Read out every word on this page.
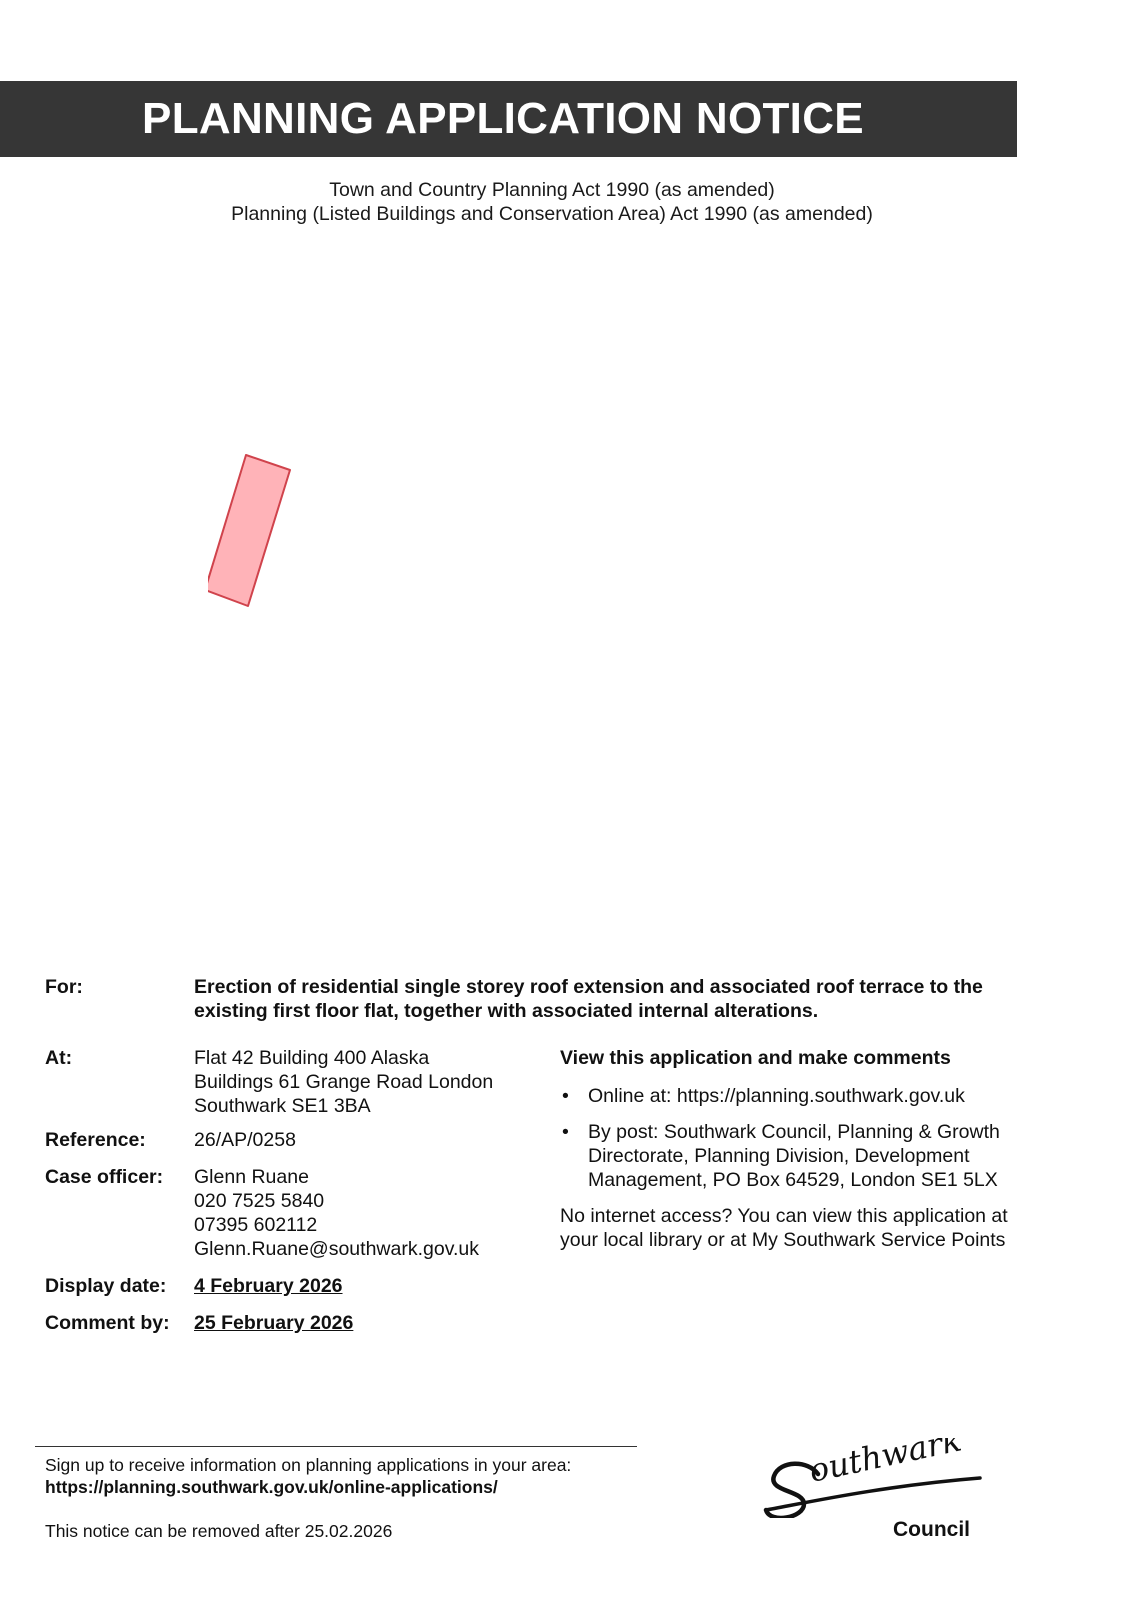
PLANNING APPLICATION NOTICE
Town and Country Planning Act 1990 (as amended)
Planning (Listed Buildings and Conservation Area) Act 1990 (as amended)
For:	Erection of residential single storey roof extension and associated roof terrace to the existing first floor flat, together with associated internal alterations.
At:	Flat 42 Building 400 Alaska
Buildings 61 Grange Road London
Southwark SE1 3BA
Reference: 26/AP/0258
Case officer: Glenn Ruane
020 7525 5840
07395 602112
Glenn.Ruane@southwark.gov.uk
Display date: 4 February 2026
Comment by: 25 February 2026
View this application and make comments
• Online at: https://planning.southwark.gov.uk
• By post: Southwark Council, Planning & Growth Directorate, Planning Division, Development Management, PO Box 64529, London SE1 5LX
No internet access? You can view this application at your local library or at My Southwark Service Points
Sign up to receive information on planning applications in your area:
https://planning.southwark.gov.uk/online-applications/
This notice can be removed after 25.02.2026
outhwark
Council
